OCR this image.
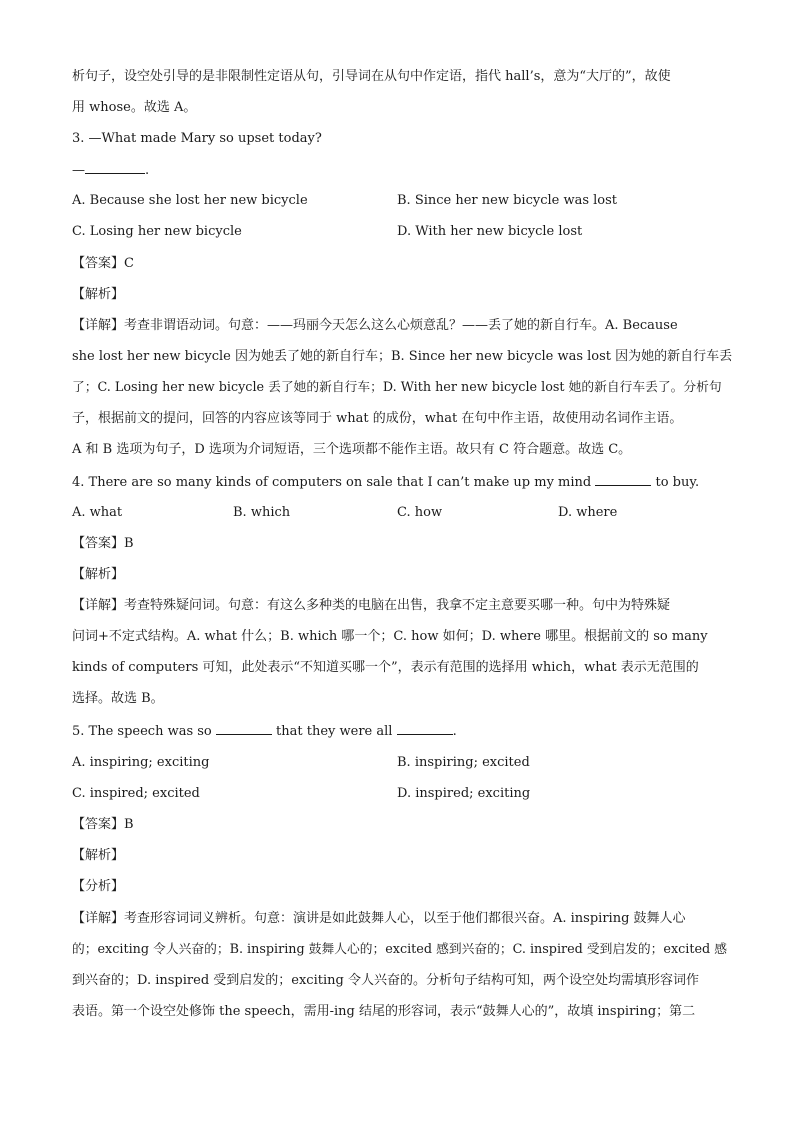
析句子，设空处引导的是非限制性定语从句，引导词在从句中作定语，指代 hall’s，意为“大厅的”，故使

用 whose。故选 A。

3. —What made Mary so upset today?

—	.

A. Because she lost her new bicycle	B. Since her new bicycle was lost
C. Losing her new bicycle	D. With her new bicycle lost

【答案】C

【解析】

【详解】考查非谓语动词。句意：——玛丽今天怎么这么心烦意乱？——丢了她的新自行车。A. Because

she lost her new bicycle 因为她丢了她的新自行车；B. Since her new bicycle was lost 因为她的新自行车丢

了；C. Losing her new bicycle 丢了她的新自行车；D. With her new bicycle lost 她的新自行车丢了。分析句

子，根据前文的提问，回答的内容应该等同于 what 的成份，what 在句中作主语，故使用动名词作主语。

A 和 B 选项为句子，D 选项为介词短语，三个选项都不能作主语。故只有 C 符合题意。故选 C。

4. There are so many kinds of computers on sale that I can’t make up my mind	to buy.

A. what	B. which	C. how	D. where

【答案】B

【解析】

【详解】考查特殊疑问词。句意：有这么多种类的电脑在出售，我拿不定主意要买哪一种。句中为特殊疑

问词+不定式结构。A. what 什么；B. which 哪一个；C. how 如何；D. where 哪里。根据前文的 so many

kinds of computers 可知，此处表示“不知道买哪一个”，表示有范围的选择用 which，what 表示无范围的

选择。故选 B。

5. The speech was so	that they were all	.

A. inspiring; exciting	B. inspiring; excited
C. inspired; excited	D. inspired; exciting

【答案】B

【解析】

【分析】

【详解】考查形容词词义辨析。句意：演讲是如此鼓舞人心，以至于他们都很兴奋。A. inspiring 鼓舞人心

的；exciting 令人兴奋的；B. inspiring 鼓舞人心的；excited 感到兴奋的；C. inspired 受到启发的；excited 感

到兴奋的；D. inspired 受到启发的；exciting 令人兴奋的。分析句子结构可知，两个设空处均需填形容词作

表语。第一个设空处修饰 the speech，需用-ing 结尾的形容词，表示“鼓舞人心的”，故填 inspiring；第二
